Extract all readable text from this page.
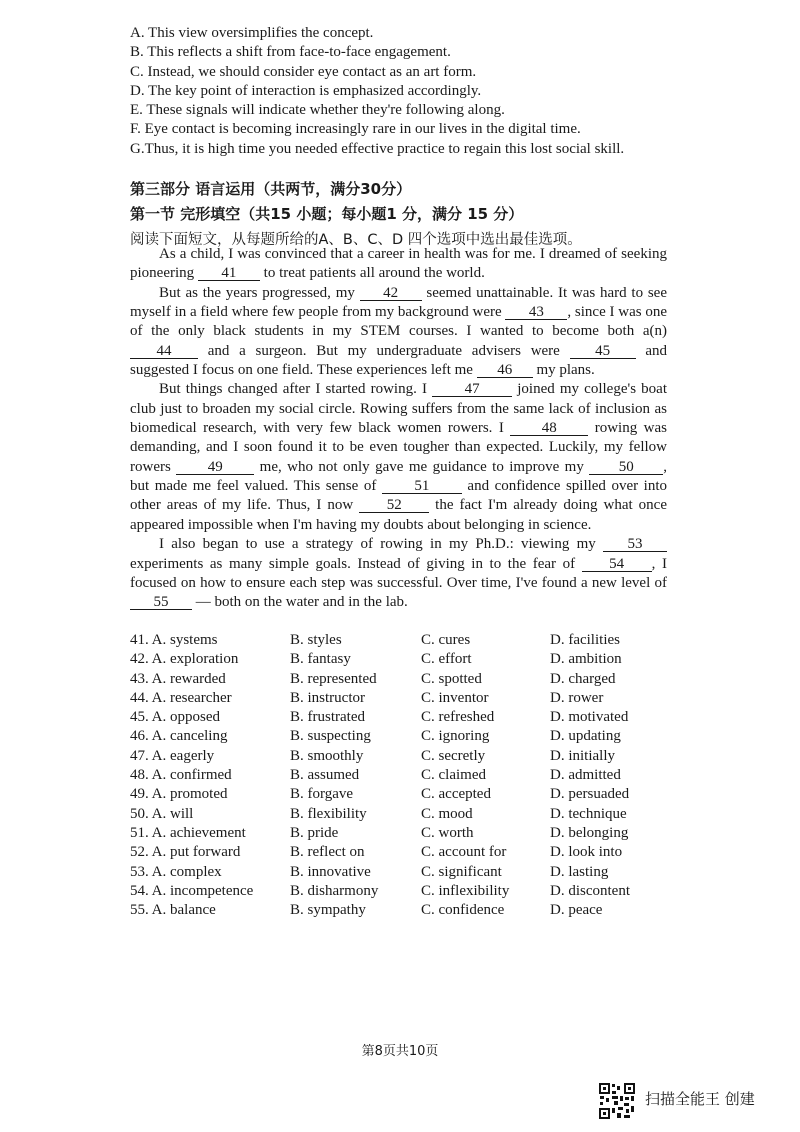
A. This view oversimplifies the concept.
B. This reflects a shift from face-to-face engagement.
C. Instead, we should consider eye contact as an art form.
D. The key point of interaction is emphasized accordingly.
E. These signals will indicate whether they're following along.
F. Eye contact is becoming increasingly rare in our lives in the digital time.
G.Thus, it is high time you needed effective practice to regain this lost social skill.
第三部分 语言运用（共两节，满分30分）
第一节 完形填空（共15 小题；每小题1 分，满分 15 分）
阅读下面短文，从每题所给的A、B、C、D 四个选项中选出最佳选项。

As a child, I was convinced that a career in health was for me. I dreamed of seeking pioneering 41 to treat patients all around the world.

But as the years progressed, my 42 seemed unattainable. It was hard to see myself in a field where few people from my background were 43 , since I was one of the only black students in my STEM courses. I wanted to become both a(n) 44 and a surgeon. But my undergraduate advisers were 45 and suggested I focus on one field. These experiences left me 46 my plans.

But things changed after I started rowing. I 47 joined my college's boat club just to broaden my social circle. Rowing suffers from the same lack of inclusion as biomedical research, with very few black women rowers. I 48 rowing was demanding, and I soon found it to be even tougher than expected. Luckily, my fellow rowers 49 me, who not only gave me guidance to improve my 50 , but made me feel valued. This sense of 51 and confidence spilled over into other areas of my life. Thus, I now 52 the fact I'm already doing what once appeared impossible when I'm having my doubts about belonging in science.

I also began to use a strategy of rowing in my Ph.D.: viewing my 53 experiments as many simple goals. Instead of giving in to the fear of 54 , I focused on how to ensure each step was successful. Over time, I've found a new level of 55 — both on the water and in the lab.

41. A. systems	B. styles	C. cures	D. facilities
42. A. exploration	B. fantasy	C. effort	D. ambition
43. A. rewarded	B. represented	C. spotted	D. charged
44. A. researcher	B. instructor	C. inventor	D. rower
45. A. opposed	B. frustrated	C. refreshed	D. motivated
46. A. canceling	B. suspecting	C. ignoring	D. updating
47. A. eagerly	B. smoothly	C. secretly	D. initially
48. A. confirmed	B. assumed	C. claimed	D. admitted
49. A. promoted	B. forgave	C. accepted	D. persuaded
50. A. will	B. flexibility	C. mood	D. technique
51. A. achievement	B. pride	C. worth	D. belonging
52. A. put forward	B. reflect on	C. account for	D. look into
53. A. complex	B. innovative	C. significant	D. lasting
54. A. incompetence	B. disharmony	C. inflexibility	D. discontent
55. A. balance	B. sympathy	C. confidence	D. peace
第8页共10页
扫描全能王 创建
